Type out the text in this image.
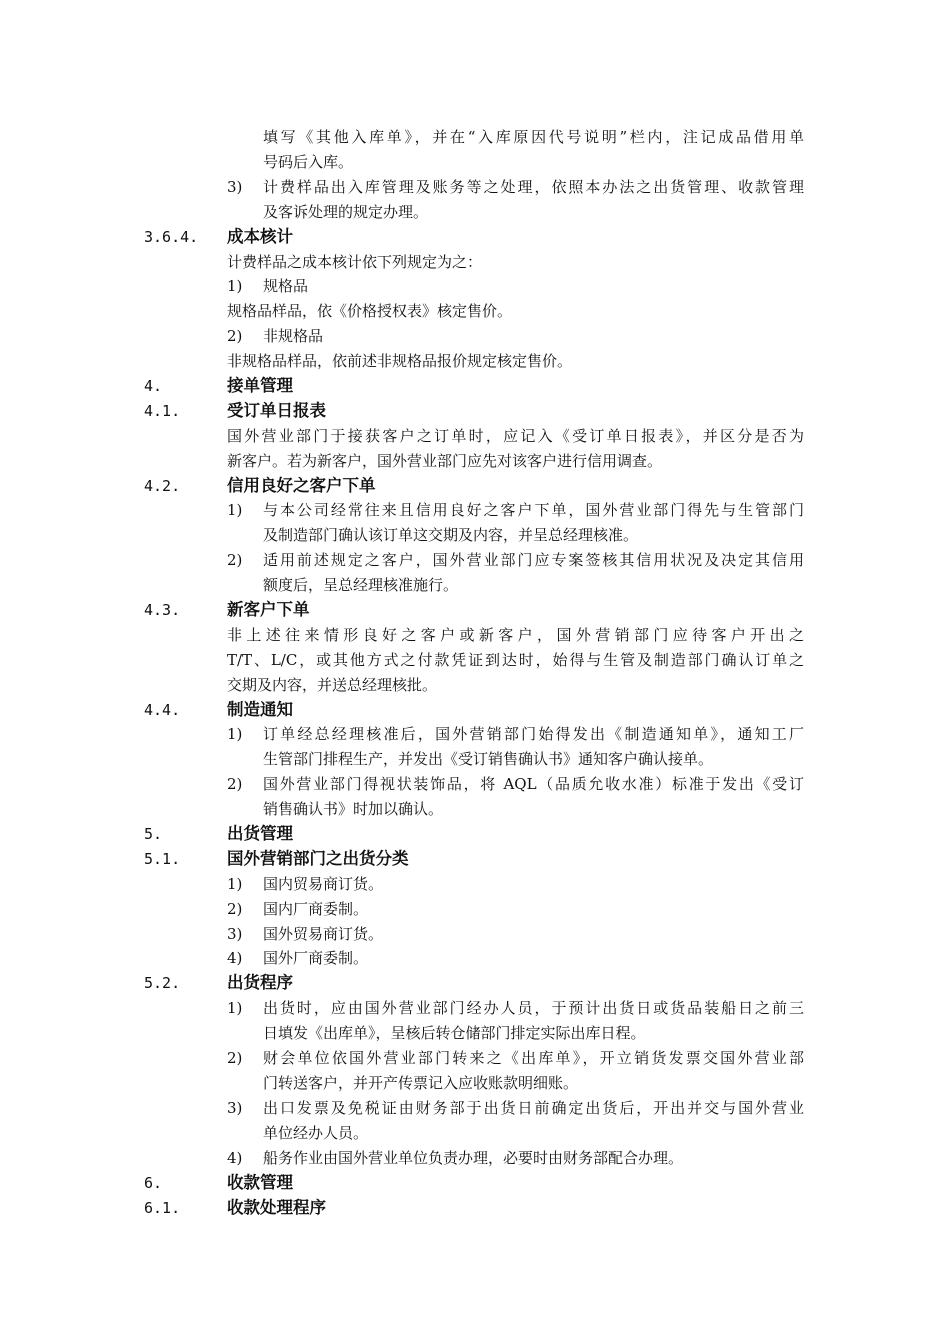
填写《其他入库单》，并在“入库原因代号说明”栏内，注记成品借用单
号码后入库。
3) 计费样品出入库管理及账务等之处理，依照本办法之出货管理、收款管理
及客诉处理的规定办理。
3.6.4. 成本核计
计费样品之成本核计依下列规定为之：
1) 规格品
规格品样品，依《价格授权表》核定售价。
2) 非规格品
非规格品样品，依前述非规格品报价规定核定售价。
4.	接单管理
4.1.	受订单日报表
国外营业部门于接获客户之订单时，应记入《受订单日报表》，并区分是否为
新客户。若为新客户，国外营业部门应先对该客户进行信用调查。
4.2.	信用良好之客户下单
1) 与本公司经常往来且信用良好之客户下单，国外营业部门得先与生管部门
及制造部门确认该订单这交期及内容，并呈总经理核准。
2) 适用前述规定之客户，国外营业部门应专案签核其信用状况及决定其信用
额度后，呈总经理核准施行。
4.3.	新客户下单
非上述往来情形良好之客户或新客户，国外营销部门应待客户开出之
T/T、L/C，或其他方式之付款凭证到达时，始得与生管及制造部门确认订单之
交期及内容，并送总经理核批。
4.4.	制造通知
1) 订单经总经理核准后，国外营销部门始得发出《制造通知单》，通知工厂
生管部门排程生产，并发出《受订销售确认书》通知客户确认接单。
2) 国外营业部门得视状装饰品，将 AQL（品质允收水准）标准于发出《受订
销售确认书》时加以确认。
5.	出货管理
5.1.	国外营销部门之出货分类
1) 国内贸易商订货。
2) 国内厂商委制。
3) 国外贸易商订货。
4) 国外厂商委制。
5.2.	出货程序
1) 出货时，应由国外营业部门经办人员，于预计出货日或货品装船日之前三
日填发《出库单》，呈核后转仓储部门排定实际出库日程。
2) 财会单位依国外营业部门转来之《出库单》，开立销货发票交国外营业部
门转送客户，并开产传票记入应收账款明细账。
3) 出口发票及免税证由财务部于出货日前确定出货后，开出并交与国外营业
单位经办人员。
4) 船务作业由国外营业单位负责办理，必要时由财务部配合办理。
6.	收款管理
6.1.	收款处理程序
